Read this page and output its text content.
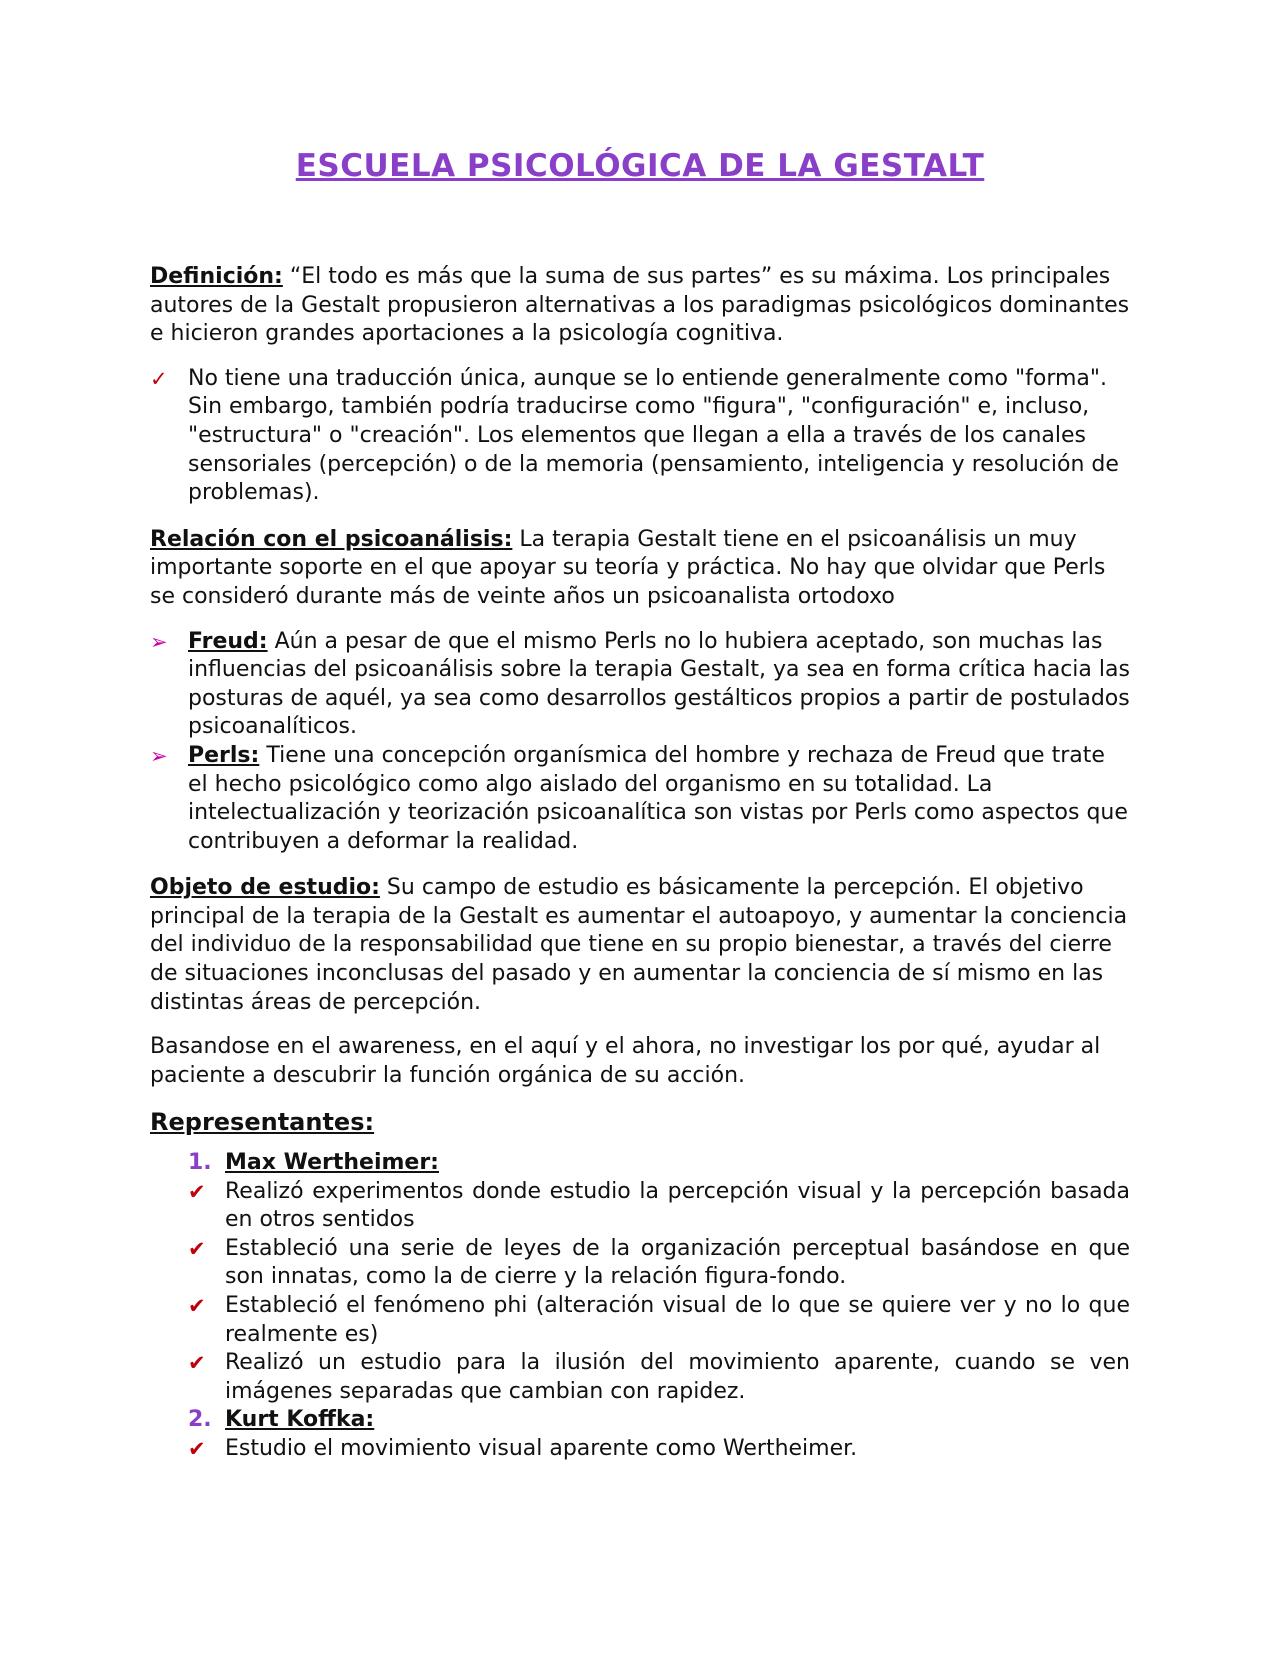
ESCUELA PSICOLÓGICA DE LA GESTALT

Definición: “El todo es más que la suma de sus partes” es su máxima. Los principales autores de la Gestalt propusieron alternativas a los paradigmas psicológicos dominantes e hicieron grandes aportaciones a la psicología cognitiva.

✓ No tiene una traducción única, aunque se lo entiende generalmente como "forma". Sin embargo, también podría traducirse como "figura", "configuración" e, incluso, "estructura" o "creación". Los elementos que llegan a ella a través de los canales sensoriales (percepción) o de la memoria (pensamiento, inteligencia y resolución de problemas).

Relación con el psicoanálisis: La terapia Gestalt tiene en el psicoanálisis un muy importante soporte en el que apoyar su teoría y práctica. No hay que olvidar que Perls se consideró durante más de veinte años un psicoanalista ortodoxo

➢ Freud: Aún a pesar de que el mismo Perls no lo hubiera aceptado, son muchas las influencias del psicoanálisis sobre la terapia Gestalt, ya sea en forma crítica hacia las posturas de aquél, ya sea como desarrollos gestálticos propios a partir de postulados psicoanalíticos.
➢ Perls: Tiene una concepción organísmica del hombre y rechaza de Freud que trate el hecho psicológico como algo aislado del organismo en su totalidad. La intelectualización y teorización psicoanalítica son vistas por Perls como aspectos que contribuyen a deformar la realidad.

Objeto de estudio: Su campo de estudio es básicamente la percepción. El objetivo principal de la terapia de la Gestalt es aumentar el autoapoyo, y aumentar la conciencia del individuo de la responsabilidad que tiene en su propio bienestar, a través del cierre de situaciones inconclusas del pasado y en aumentar la conciencia de sí mismo en las distintas áreas de percepción.

Basandose en el awareness, en el aquí y el ahora, no investigar los por qué, ayudar al paciente a descubrir la función orgánica de su acción.

Representantes:

1. Max Wertheimer:
✔ Realizó experimentos donde estudio la percepción visual y la percepción basada en otros sentidos
✔ Estableció una serie de leyes de la organización perceptual basándose en que son innatas, como la de cierre y la relación figura-fondo.
✔ Estableció el fenómeno phi (alteración visual de lo que se quiere ver y no lo que realmente es)
✔ Realizó un estudio para la ilusión del movimiento aparente, cuando se ven imágenes separadas que cambian con rapidez.
2. Kurt Koffka:
✔ Estudio el movimiento visual aparente como Wertheimer.
